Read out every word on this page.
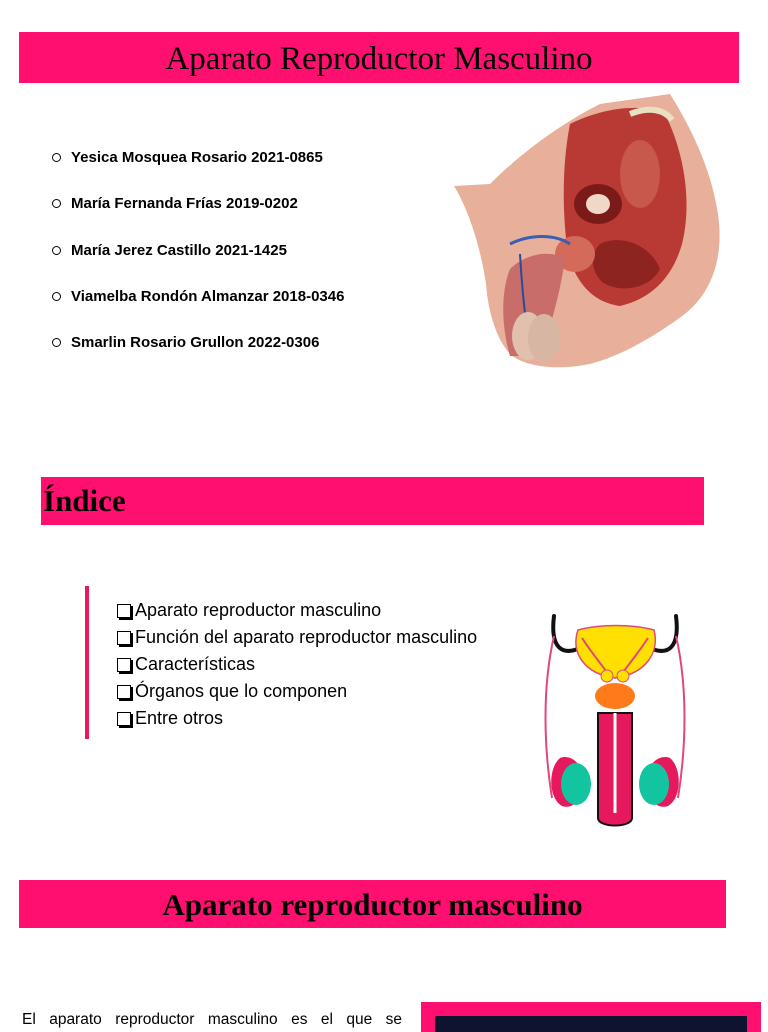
Aparato Reproductor Masculino
Yesica Mosquea Rosario 2021-0865
María Fernanda Frías 2019-0202
María Jerez Castillo 2021-1425
Viamelba Rondón Almanzar 2018-0346
Smarlin Rosario Grullon 2022-0306
Índice
Aparato reproductor masculino
Función del aparato reproductor masculino
Características
Órganos que lo componen
Entre otros
Aparato reproductor masculino

El aparato reproductor masculino es el que se
